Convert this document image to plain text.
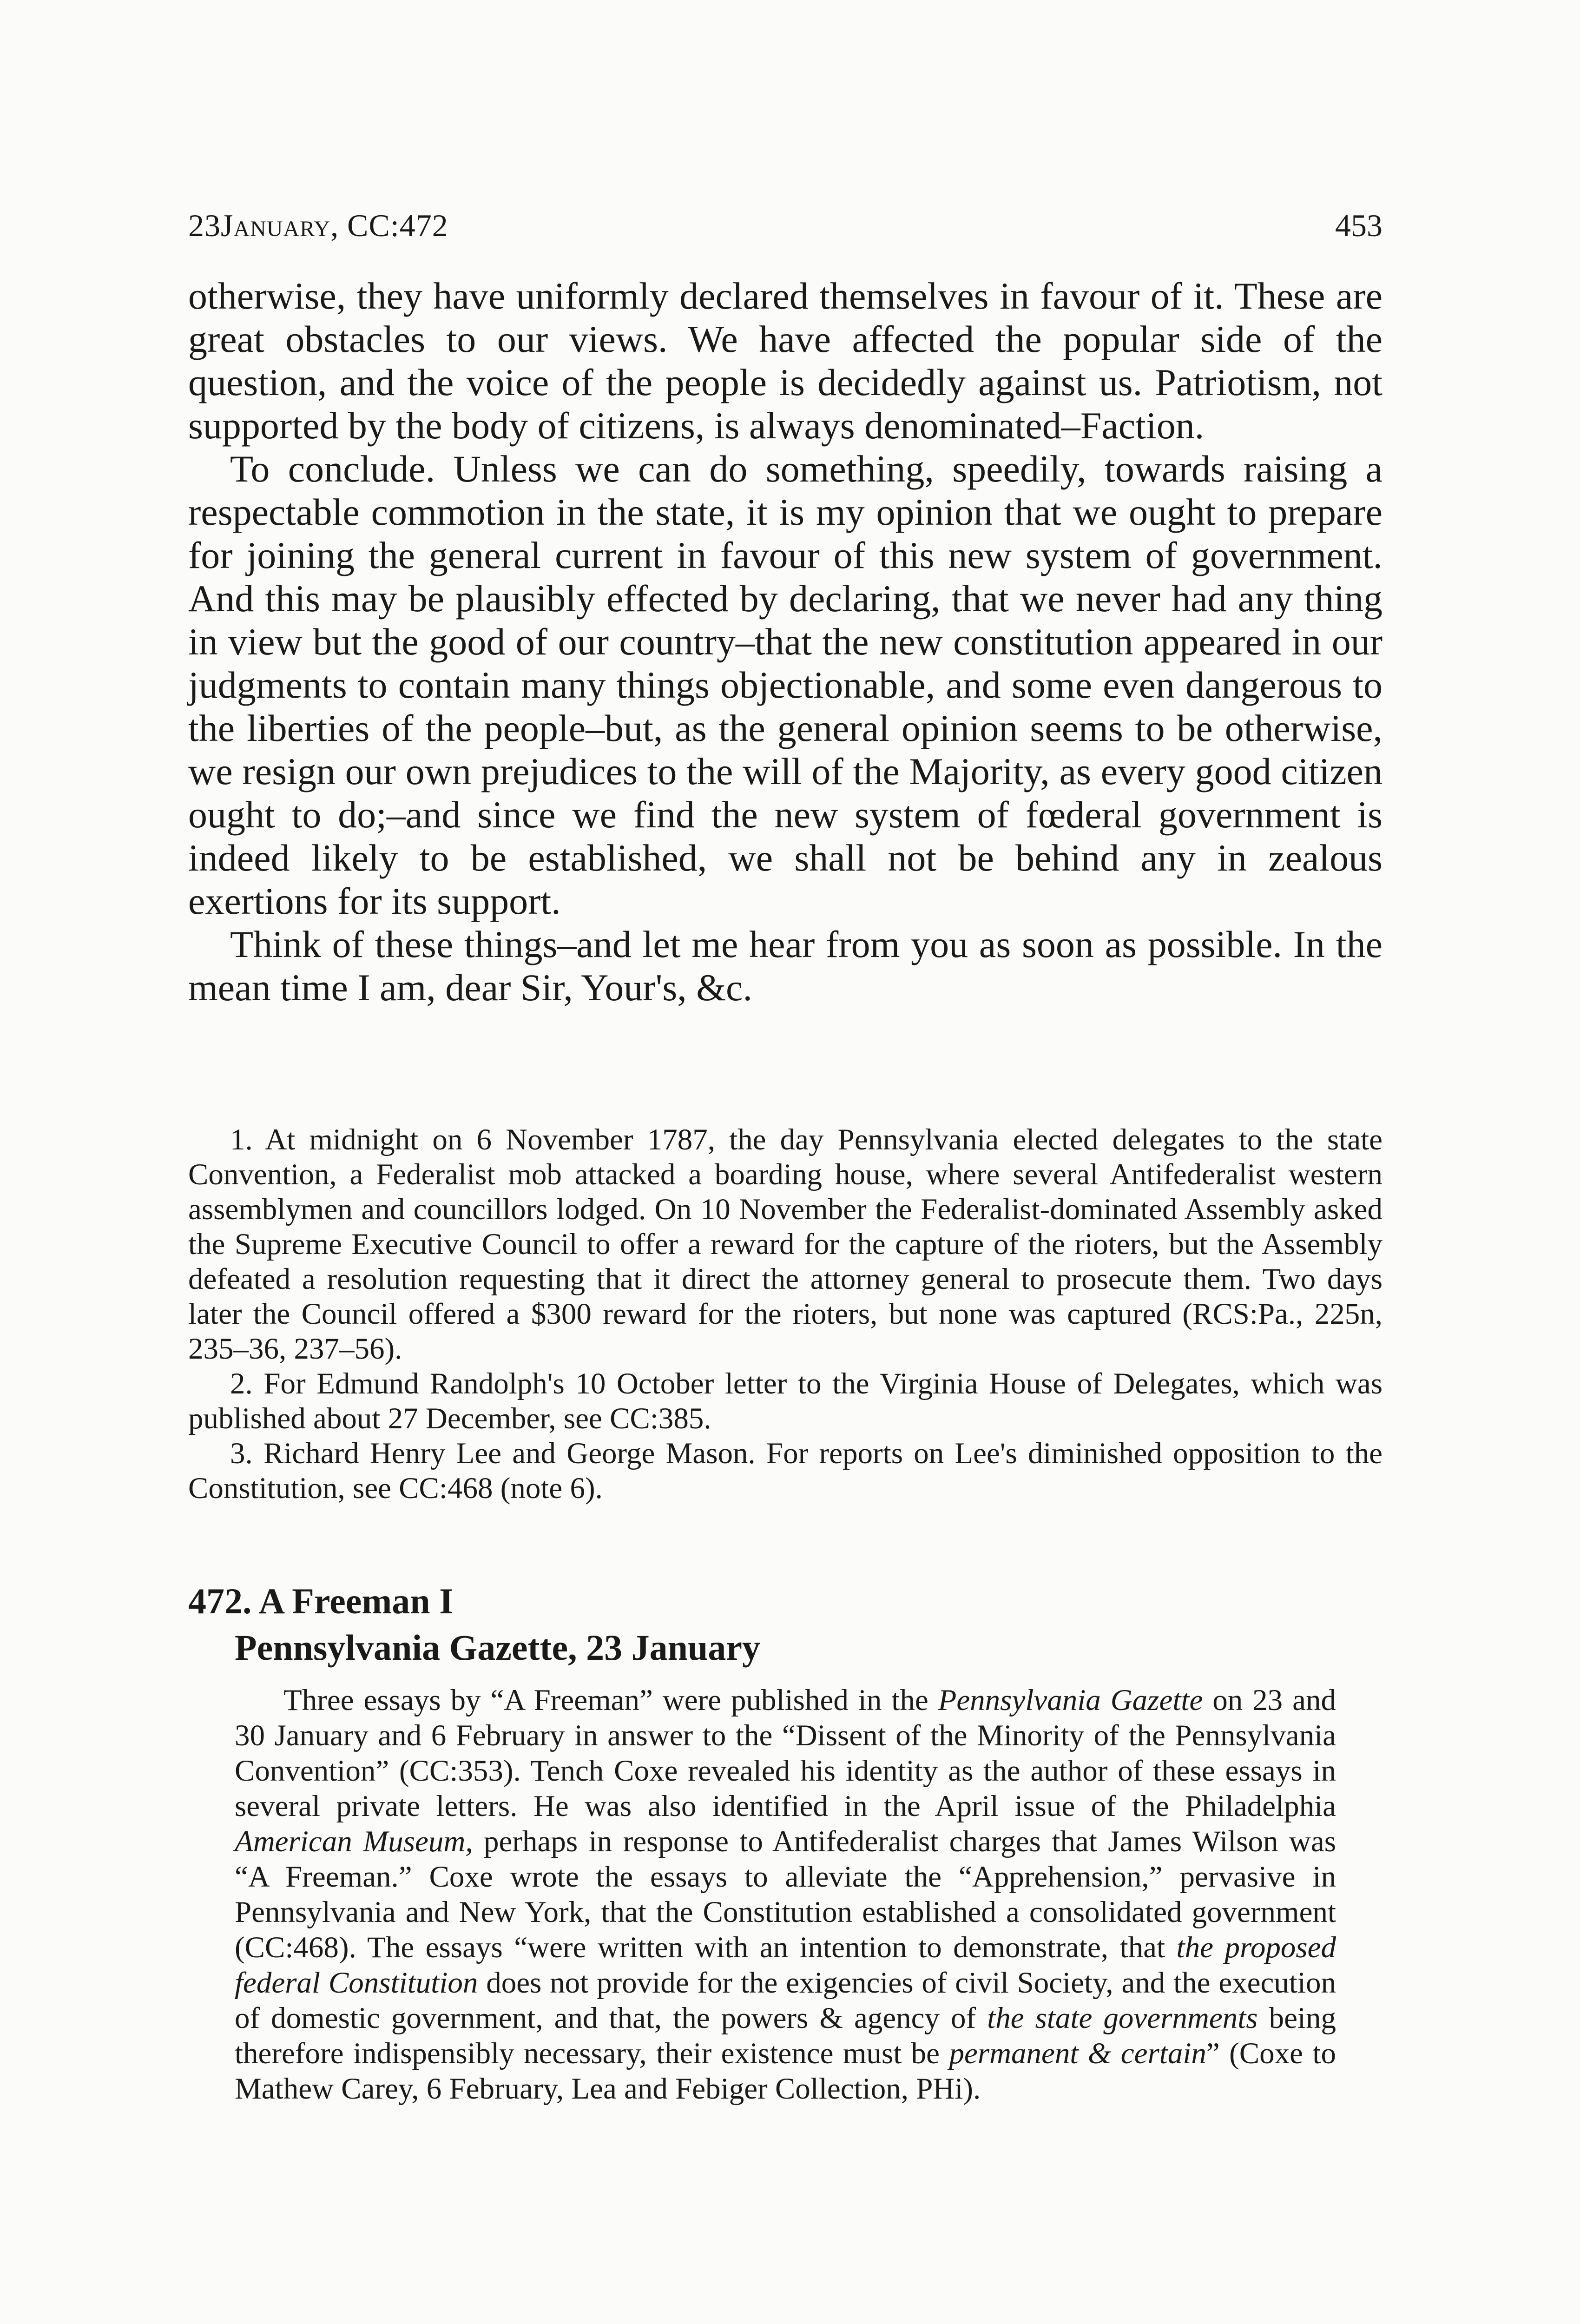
23January, CC:472	453

otherwise, they have uniformly declared themselves in favour of it. These are great obstacles to our views. We have affected the popular side of the question, and the voice of the people is decidedly against us. Patriotism, not supported by the body of citizens, is always denominated–Faction.

To conclude. Unless we can do something, speedily, towards raising a respectable commotion in the state, it is my opinion that we ought to prepare for joining the general current in favour of this new system of government. And this may be plausibly effected by declaring, that we never had any thing in view but the good of our country–that the new constitution appeared in our judgments to contain many things objectionable, and some even dangerous to the liberties of the people–but, as the general opinion seems to be otherwise, we resign our own prejudices to the will of the Majority, as every good citizen ought to do;–and since we find the new system of fœderal government is indeed likely to be established, we shall not be behind any in zealous exertions for its support.

Think of these things–and let me hear from you as soon as possible. In the mean time I am, dear Sir, Your's, &c.

1. At midnight on 6 November 1787, the day Pennsylvania elected delegates to the state Convention, a Federalist mob attacked a boarding house, where several Antifederalist western assemblymen and councillors lodged. On 10 November the Federalist-dominated Assembly asked the Supreme Executive Council to offer a reward for the capture of the rioters, but the Assembly defeated a resolution requesting that it direct the attorney general to prosecute them. Two days later the Council offered a $300 reward for the rioters, but none was captured (RCS:Pa., 225n, 235–36, 237–56).

2. For Edmund Randolph's 10 October letter to the Virginia House of Delegates, which was published about 27 December, see CC:385.

3. Richard Henry Lee and George Mason. For reports on Lee's diminished opposition to the Constitution, see CC:468 (note 6).

472. A Freeman I
Pennsylvania Gazette, 23 January

Three essays by “A Freeman” were published in the Pennsylvania Gazette on 23 and 30 January and 6 February in answer to the “Dissent of the Minority of the Pennsylvania Convention” (CC:353). Tench Coxe revealed his identity as the author of these essays in several private letters. He was also identified in the April issue of the Philadelphia American Museum, perhaps in response to Antifederalist charges that James Wilson was “A Freeman.” Coxe wrote the essays to alleviate the “Apprehension,” pervasive in Pennsylvania and New York, that the Constitution established a consolidated government (CC:468). The essays “were written with an intention to demonstrate, that the proposed federal Constitution does not provide for the exigencies of civil Society, and the execution of domestic government, and that, the powers & agency of the state governments being therefore indispensibly necessary, their existence must be permanent & certain” (Coxe to Mathew Carey, 6 February, Lea and Febiger Collection, PHi).
